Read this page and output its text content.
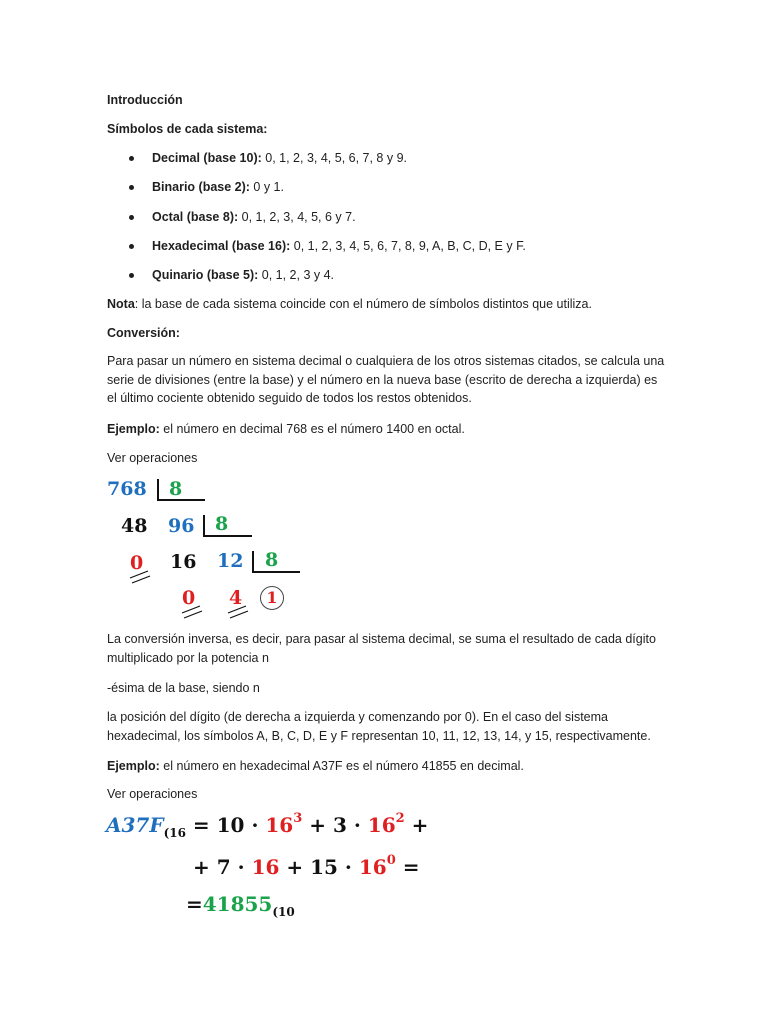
Introducción

Símbolos de cada sistema:

Decimal (base 10): 0, 1, 2, 3, 4, 5, 6, 7, 8 y 9.
Binario (base 2): 0 y 1.
Octal (base 8): 0, 1, 2, 3, 4, 5, 6 y 7.
Hexadecimal (base 16): 0, 1, 2, 3, 4, 5, 6, 7, 8, 9, A, B, C, D, E y F.
Quinario (base 5): 0, 1, 2, 3 y 4.

Nota: la base de cada sistema coincide con el número de símbolos distintos que utiliza.

Conversión:

Para pasar un número en sistema decimal o cualquiera de los otros sistemas citados, se calcula una serie de divisiones (entre la base) y el número en la nueva base (escrito de derecha a izquierda) es el último cociente obtenido seguido de todos los restos obtenidos.

Ejemplo: el número en decimal 768 es el número 1400 en octal.

Ver operaciones

768 8
48 96 8
0 16 12 8
0 4	1

La conversión inversa, es decir, para pasar al sistema decimal, se suma el resultado de cada dígito multiplicado por la potencia n

-ésima de la base, siendo n

la posición del dígito (de derecha a izquierda y comenzando por 0). En el caso del sistema hexadecimal, los símbolos A, B, C, D, E y F representan 10, 11, 12, 13, 14, y 15, respectivamente.

Ejemplo: el número en hexadecimal A37F es el número 41855 en decimal.

Ver operaciones

$A37F_{(16} = 10 \cdot 16^3 + 3 \cdot 16^2$ +
+ $7 \cdot 16 + 15 \cdot 16^0$ =
$=41855_{(10}$
